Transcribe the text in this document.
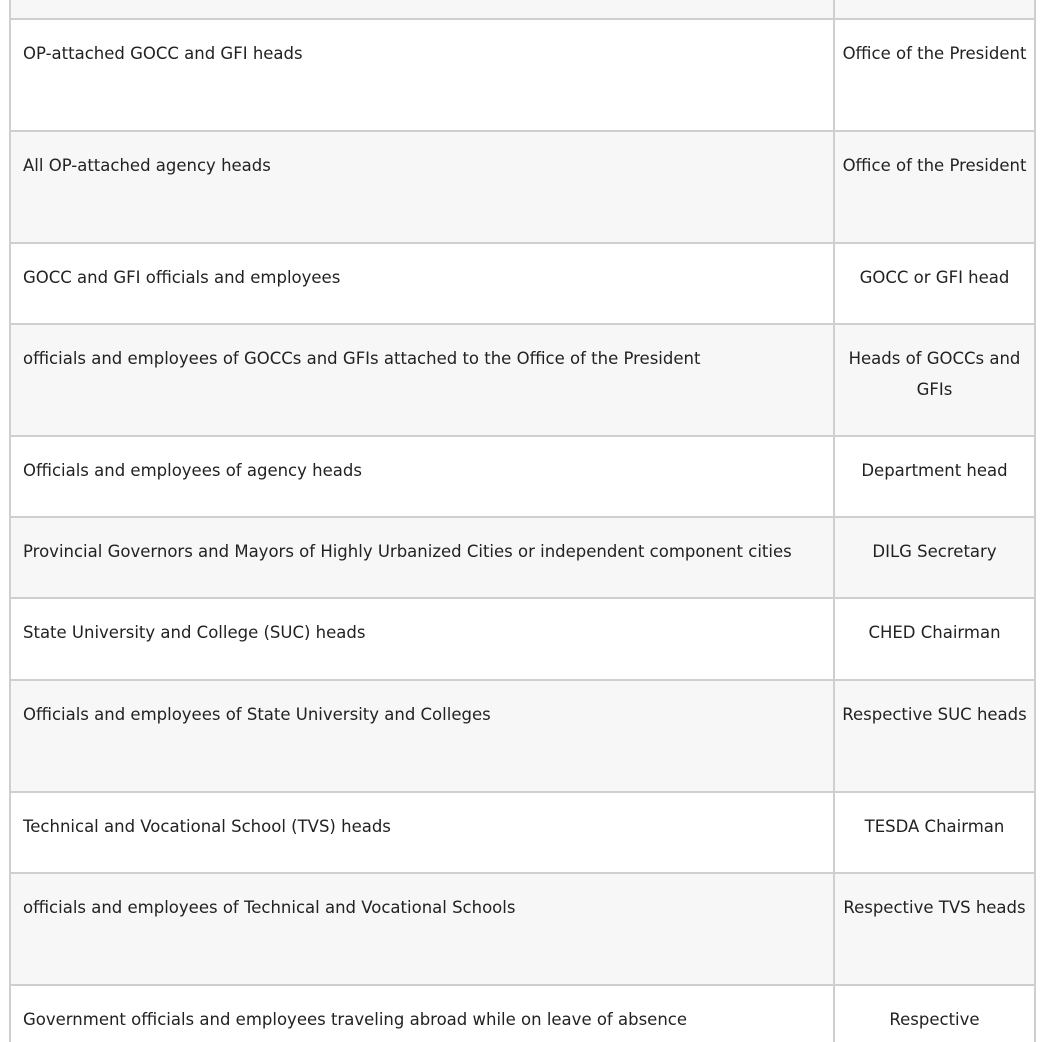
OP-attached GOCC and GFI heads	Office of the President
All OP-attached agency heads	Office of the President
GOCC and GFI officials and employees	GOCC or GFI head
officials and employees of GOCCs and GFIs attached to the Office of the President	Heads of GOCCs and GFIs
Officials and employees of agency heads	Department head
Provincial Governors and Mayors of Highly Urbanized Cities or independent component cities	DILG Secretary
State University and College (SUC) heads	CHED Chairman
Officials and employees of State University and Colleges	Respective SUC heads
Technical and Vocational School (TVS) heads	TESDA Chairman
officials and employees of Technical and Vocational Schools	Respective TVS heads
Government officials and employees traveling abroad while on leave of absence	Respective
